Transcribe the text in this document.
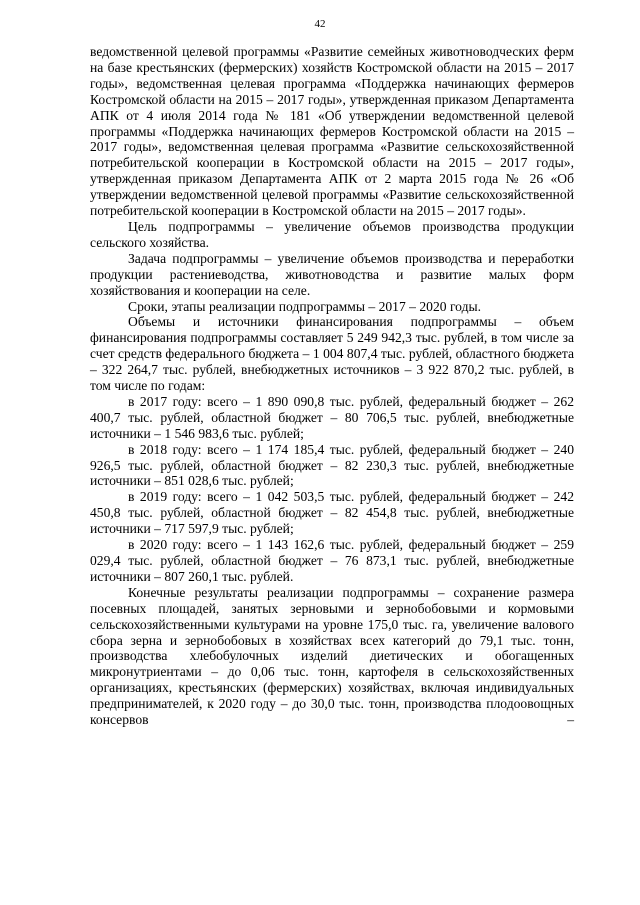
42

ведомственной целевой программы «Развитие семейных животноводческих ферм на базе крестьянских (фермерских) хозяйств Костромской области на 2015 – 2017 годы», ведомственная целевая программа «Поддержка начинающих фермеров Костромской области на 2015 – 2017 годы», утвержденная приказом Департамента АПК от 4 июля 2014 года № 181 «Об утверждении ведомственной целевой программы «Поддержка начинающих фермеров Костромской области на 2015 – 2017 годы», ведомственная целевая программа «Развитие сельскохозяйственной потребительской кооперации в Костромской области на 2015 – 2017 годы», утвержденная приказом Департамента АПК от 2 марта 2015 года № 26 «Об утверждении ведомственной целевой программы «Развитие сельскохозяйственной потребительской кооперации в Костромской области на 2015 – 2017 годы».

Цель подпрограммы – увеличение объемов производства продукции сельского хозяйства.

Задача подпрограммы – увеличение объемов производства и переработки продукции растениеводства, животноводства и развитие малых форм хозяйствования и кооперации на селе.

Сроки, этапы реализации подпрограммы – 2017 – 2020 годы.

Объемы и источники финансирования подпрограммы – объем финансирования подпрограммы составляет 5 249 942,3 тыс. рублей, в том числе за счет средств федерального бюджета – 1 004 807,4 тыс. рублей, областного бюджета – 322 264,7 тыс. рублей, внебюджетных источников – 3 922 870,2 тыс. рублей, в том числе по годам:

в 2017 году: всего – 1 890 090,8 тыс. рублей, федеральный бюджет – 262 400,7 тыс. рублей, областной бюджет – 80 706,5 тыс. рублей, внебюджетные источники – 1 546 983,6 тыс. рублей;

в 2018 году: всего – 1 174 185,4 тыс. рублей, федеральный бюджет – 240 926,5 тыс. рублей, областной бюджет – 82 230,3 тыс. рублей, внебюджетные источники – 851 028,6 тыс. рублей;

в 2019 году: всего – 1 042 503,5 тыс. рублей, федеральный бюджет – 242 450,8 тыс. рублей, областной бюджет – 82 454,8 тыс. рублей, внебюджетные источники – 717 597,9 тыс. рублей;

в 2020 году: всего – 1 143 162,6 тыс. рублей, федеральный бюджет – 259 029,4 тыс. рублей, областной бюджет – 76 873,1 тыс. рублей, внебюджетные источники – 807 260,1 тыс. рублей.

Конечные результаты реализации подпрограммы – сохранение размера посевных площадей, занятых зерновыми и зернобобовыми и кормовыми сельскохозяйственными культурами на уровне 175,0 тыс. га, увеличение валового сбора зерна и зернобобовых в хозяйствах всех категорий до 79,1 тыс. тонн, производства хлебобулочных изделий диетических и обогащенных микронутриентами – до 0,06 тыс. тонн, картофеля в сельскохозяйственных организациях, крестьянских (фермерских) хозяйствах, включая индивидуальных предпринимателей, к 2020 году – до 30,0 тыс. тонн, производства плодоовощных консервов –
